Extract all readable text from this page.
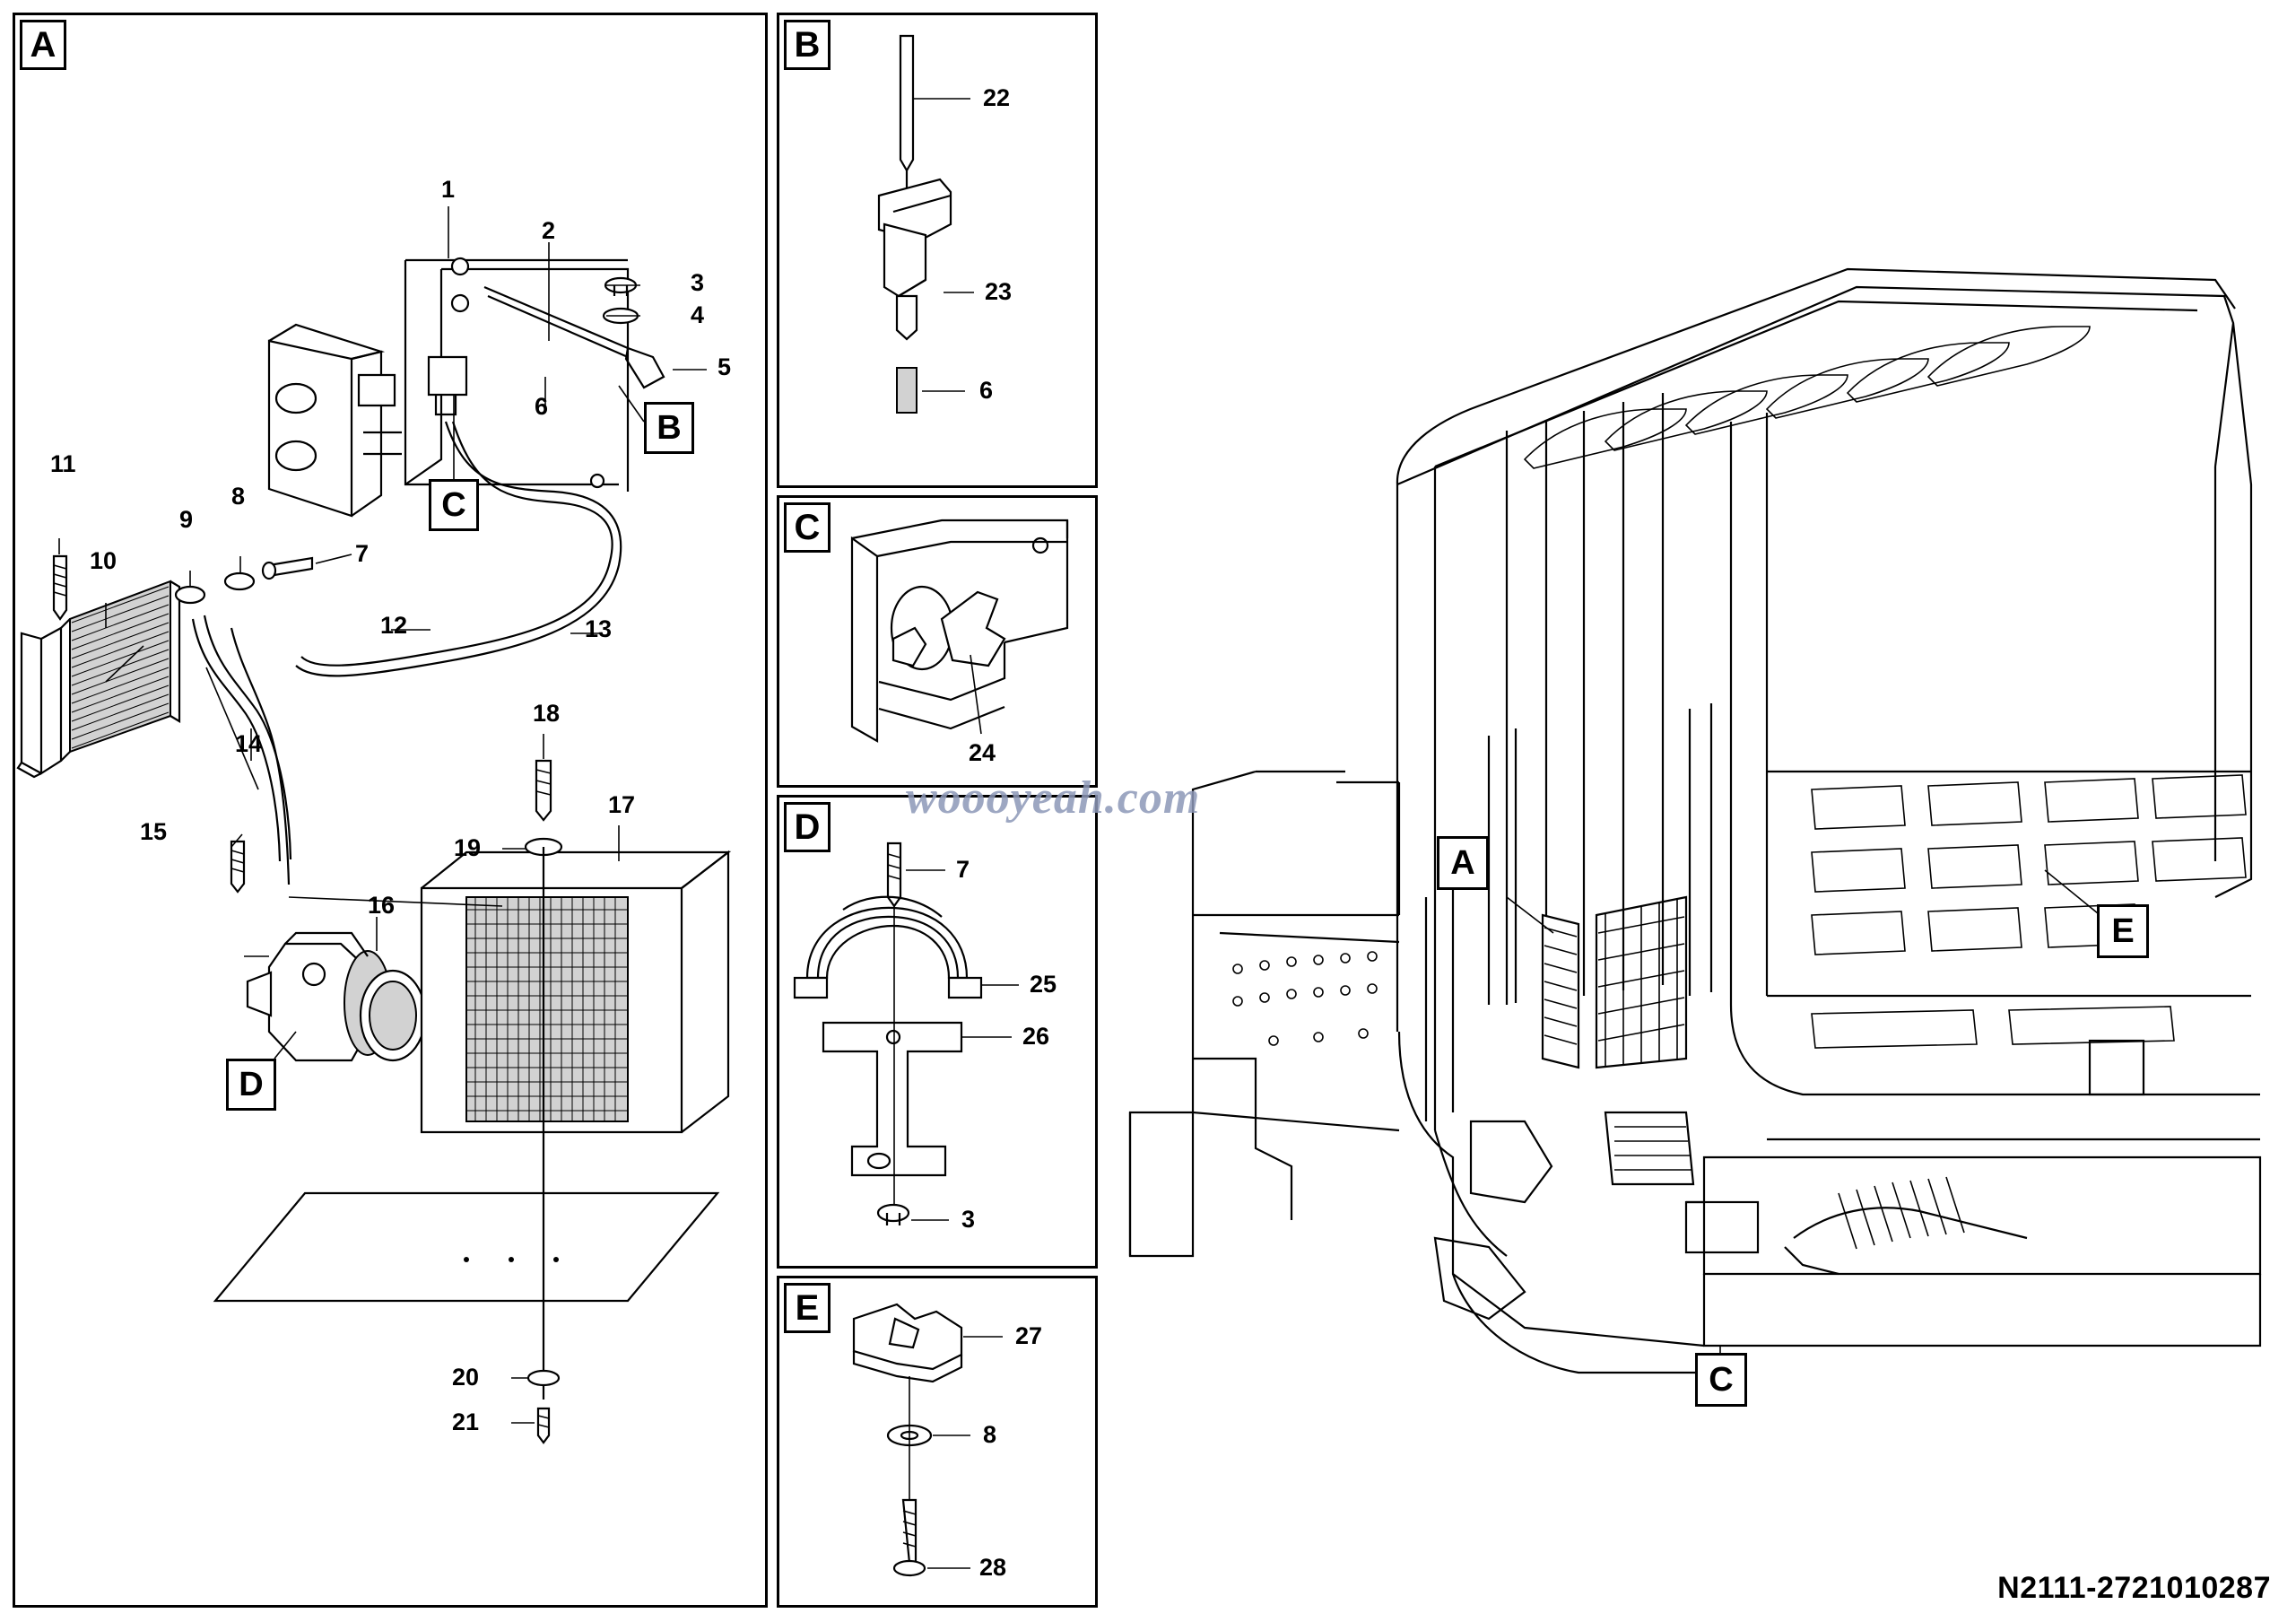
A
1
2
3
4
5
6
7
8
9
10
11
12	13
14
15
16
17
18
19
20
21
B
C
D
B
22
23
6
C
24
D
7
25
26
3
E
27
8
28
A
E
C
woooyeah.com
N2111-2721010287
